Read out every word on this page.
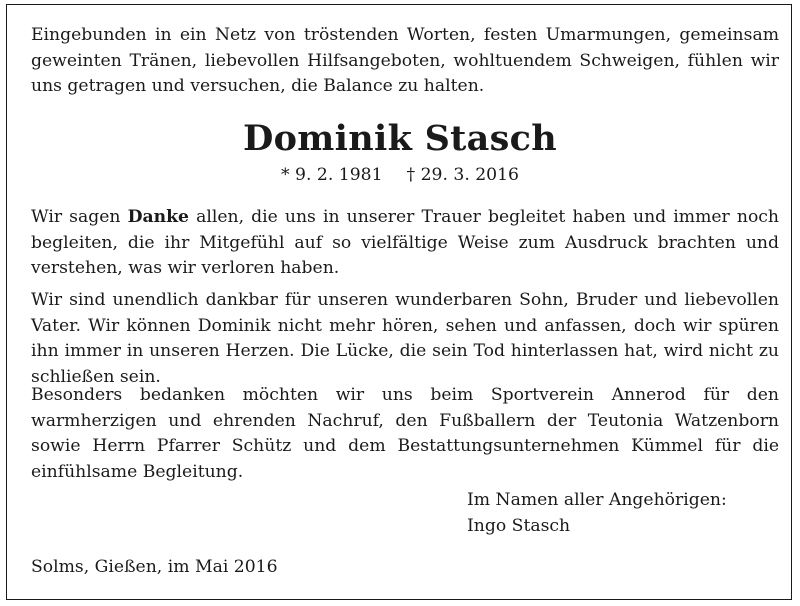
Eingebunden in ein Netz von tröstenden Worten, festen Umarmungen, gemeinsam geweinten Tränen, liebevollen Hilfsangeboten, wohltuendem Schweigen, fühlen wir uns getragen und versuchen, die Balance zu halten.

Dominik Stasch
* 9. 2. 1981 † 29. 3. 2016

Wir sagen Danke allen, die uns in unserer Trauer begleitet haben und immer noch begleiten, die ihr Mitgefühl auf so vielfältige Weise zum Ausdruck brachten und verstehen, was wir verloren haben.

Wir sind unendlich dankbar für unseren wunderbaren Sohn, Bruder und liebevollen Vater. Wir können Dominik nicht mehr hören, sehen und anfassen, doch wir spüren ihn immer in unseren Herzen. Die Lücke, die sein Tod hinterlassen hat, wird nicht zu schließen sein.

Besonders bedanken möchten wir uns beim Sportverein Annerod für den warmherzigen und ehrenden Nachruf, den Fußballern der Teutonia Watzenborn sowie Herrn Pfarrer Schütz und dem Bestattungsunternehmen Kümmel für die einfühlsame Begleitung.

Im Namen aller Angehörigen:
Ingo Stasch
Solms, Gießen, im Mai 2016
